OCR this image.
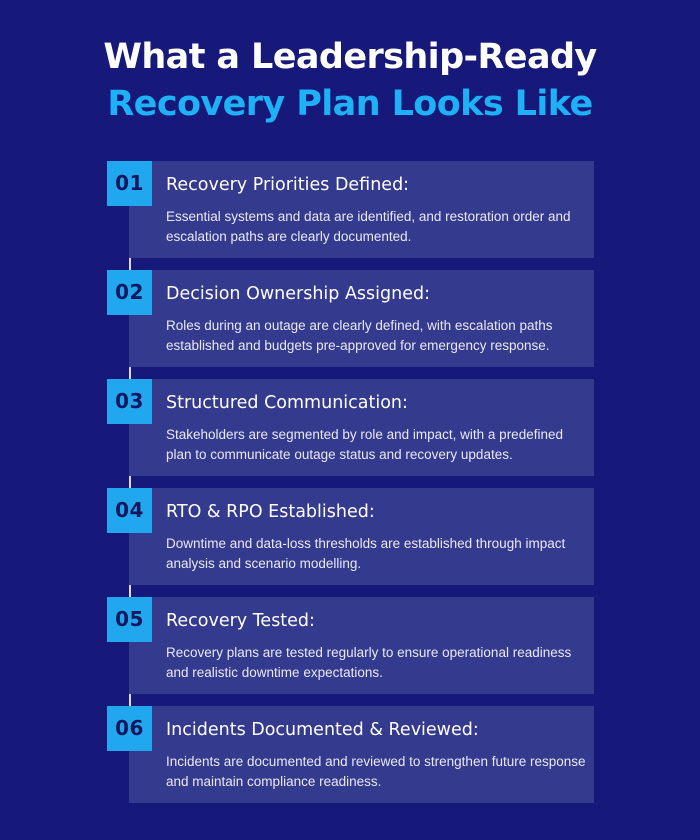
What a Leadership-Ready
Recovery Plan Looks Like
Recovery Priorities Defined:
Essential systems and data are identified, and restoration order and escalation paths are clearly documented.
01
Decision Ownership Assigned:
Roles during an outage are clearly defined, with escalation paths established and budgets pre-approved for emergency response.
02
Structured Communication:
Stakeholders are segmented by role and impact, with a predefined plan to communicate outage status and recovery updates.
03
RTO & RPO Established:
Downtime and data-loss thresholds are established through impact analysis and scenario modelling.
04
Recovery Tested:
Recovery plans are tested regularly to ensure operational readiness and realistic downtime expectations.
05
Incidents Documented & Reviewed:
Incidents are documented and reviewed to strengthen future response and maintain compliance readiness.
06
